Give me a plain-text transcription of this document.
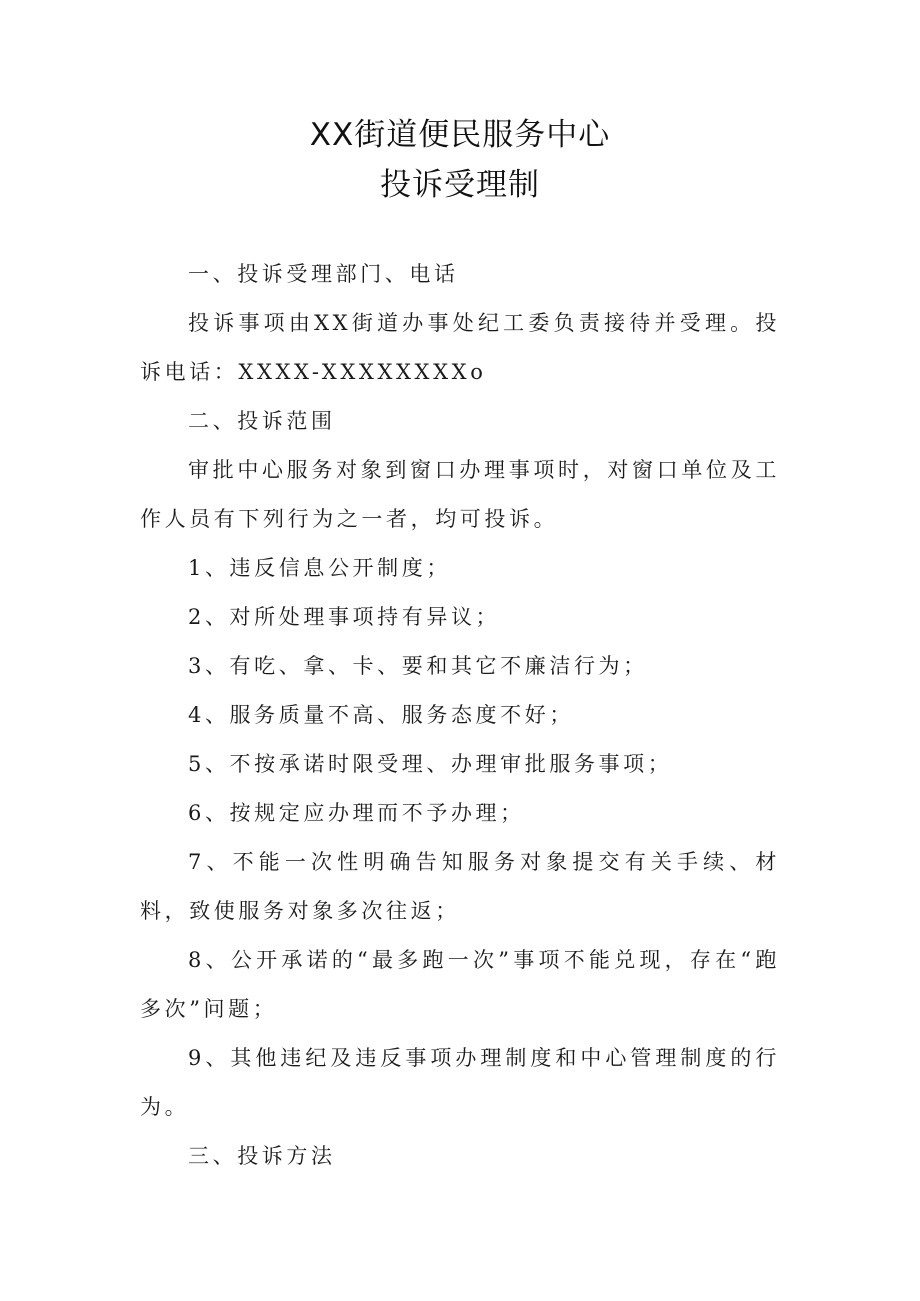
XX街道便民服务中心
投诉受理制

一、投诉受理部门、电话

投诉事项由XX街道办事处纪工委负责接待并受理。投诉电话：XXXX-XXXXXXXXo

二、投诉范围

审批中心服务对象到窗口办理事项时，对窗口单位及工作人员有下列行为之一者，均可投诉。

1、违反信息公开制度；

2、对所处理事项持有异议；

3、有吃、拿、卡、要和其它不廉洁行为；

4、服务质量不高、服务态度不好；

5、不按承诺时限受理、办理审批服务事项；

6、按规定应办理而不予办理；

7、不能一次性明确告知服务对象提交有关手续、材料，致使服务对象多次往返；

8、公开承诺的“最多跑一次”事项不能兑现，存在“跑多次”问题；

9、其他违纪及违反事项办理制度和中心管理制度的行为。

三、投诉方法
